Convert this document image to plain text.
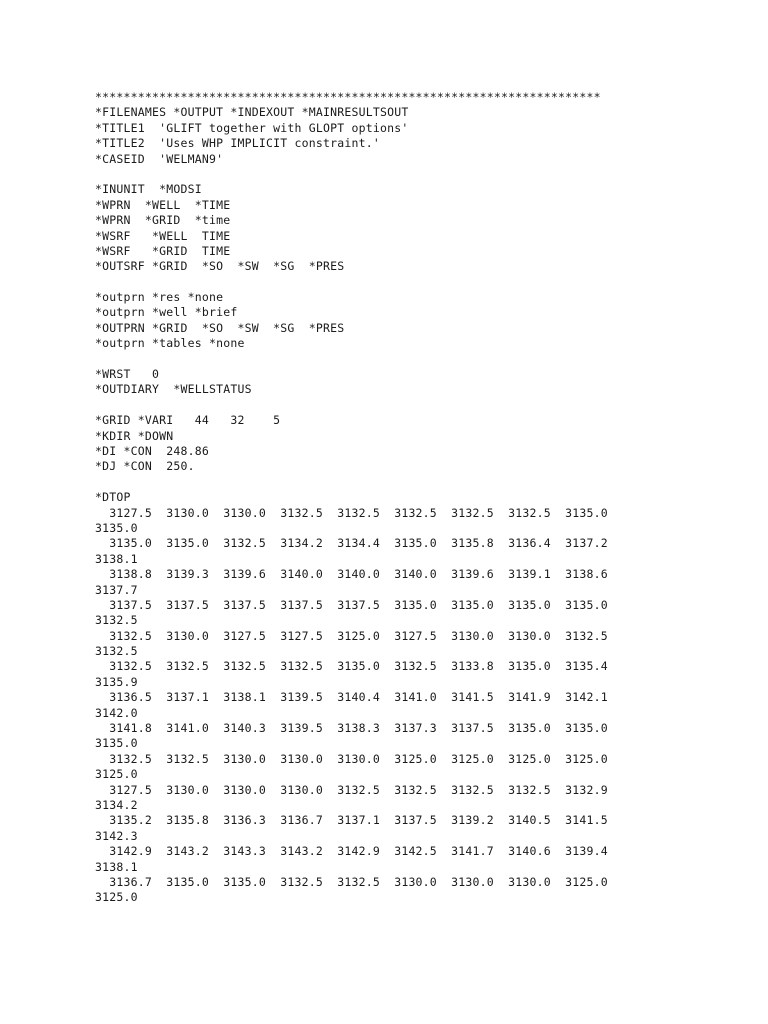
***********************************************************************
*FILENAMES *OUTPUT *INDEXOUT *MAINRESULTSOUT
*TITLE1  'GLIFT together with GLOPT options'
*TITLE2  'Uses WHP IMPLICIT constraint.'
*CASEID  'WELMAN9'
*INUNIT  *MODSI
*WPRN  *WELL  *TIME
*WPRN  *GRID  *time
*WSRF   *WELL  TIME
*WSRF   *GRID  TIME
*OUTSRF *GRID  *SO  *SW  *SG  *PRES
*outprn *res *none
*outprn *well *brief
*OUTPRN *GRID  *SO  *SW  *SG  *PRES
*outprn *tables *none
*WRST   0
*OUTDIARY  *WELLSTATUS
*GRID *VARI   44   32    5
*KDIR *DOWN
*DI *CON  248.86
*DJ *CON  250.
*DTOP
3127.5  3130.0  3130.0  3132.5  3132.5  3132.5  3132.5  3132.5  3135.0
3135.0
3135.0  3135.0  3132.5  3134.2  3134.4  3135.0  3135.8  3136.4  3137.2
3138.1
3138.8  3139.3  3139.6  3140.0  3140.0  3140.0  3139.6  3139.1  3138.6
3137.7
3137.5  3137.5  3137.5  3137.5  3137.5  3135.0  3135.0  3135.0  3135.0
3132.5
3132.5  3130.0  3127.5  3127.5  3125.0  3127.5  3130.0  3130.0  3132.5
3132.5
3132.5  3132.5  3132.5  3132.5  3135.0  3132.5  3133.8  3135.0  3135.4
3135.9
3136.5  3137.1  3138.1  3139.5  3140.4  3141.0  3141.5  3141.9  3142.1
3142.0
3141.8  3141.0  3140.3  3139.5  3138.3  3137.3  3137.5  3135.0  3135.0
3135.0
3132.5  3132.5  3130.0  3130.0  3130.0  3125.0  3125.0  3125.0  3125.0
3125.0
3127.5  3130.0  3130.0  3130.0  3132.5  3132.5  3132.5  3132.5  3132.9
3134.2
3135.2  3135.8  3136.3  3136.7  3137.1  3137.5  3139.2  3140.5  3141.5
3142.3
3142.9  3143.2  3143.3  3143.2  3142.9  3142.5  3141.7  3140.6  3139.4
3138.1
3136.7  3135.0  3135.0  3132.5  3132.5  3130.0  3130.0  3130.0  3125.0
3125.0
